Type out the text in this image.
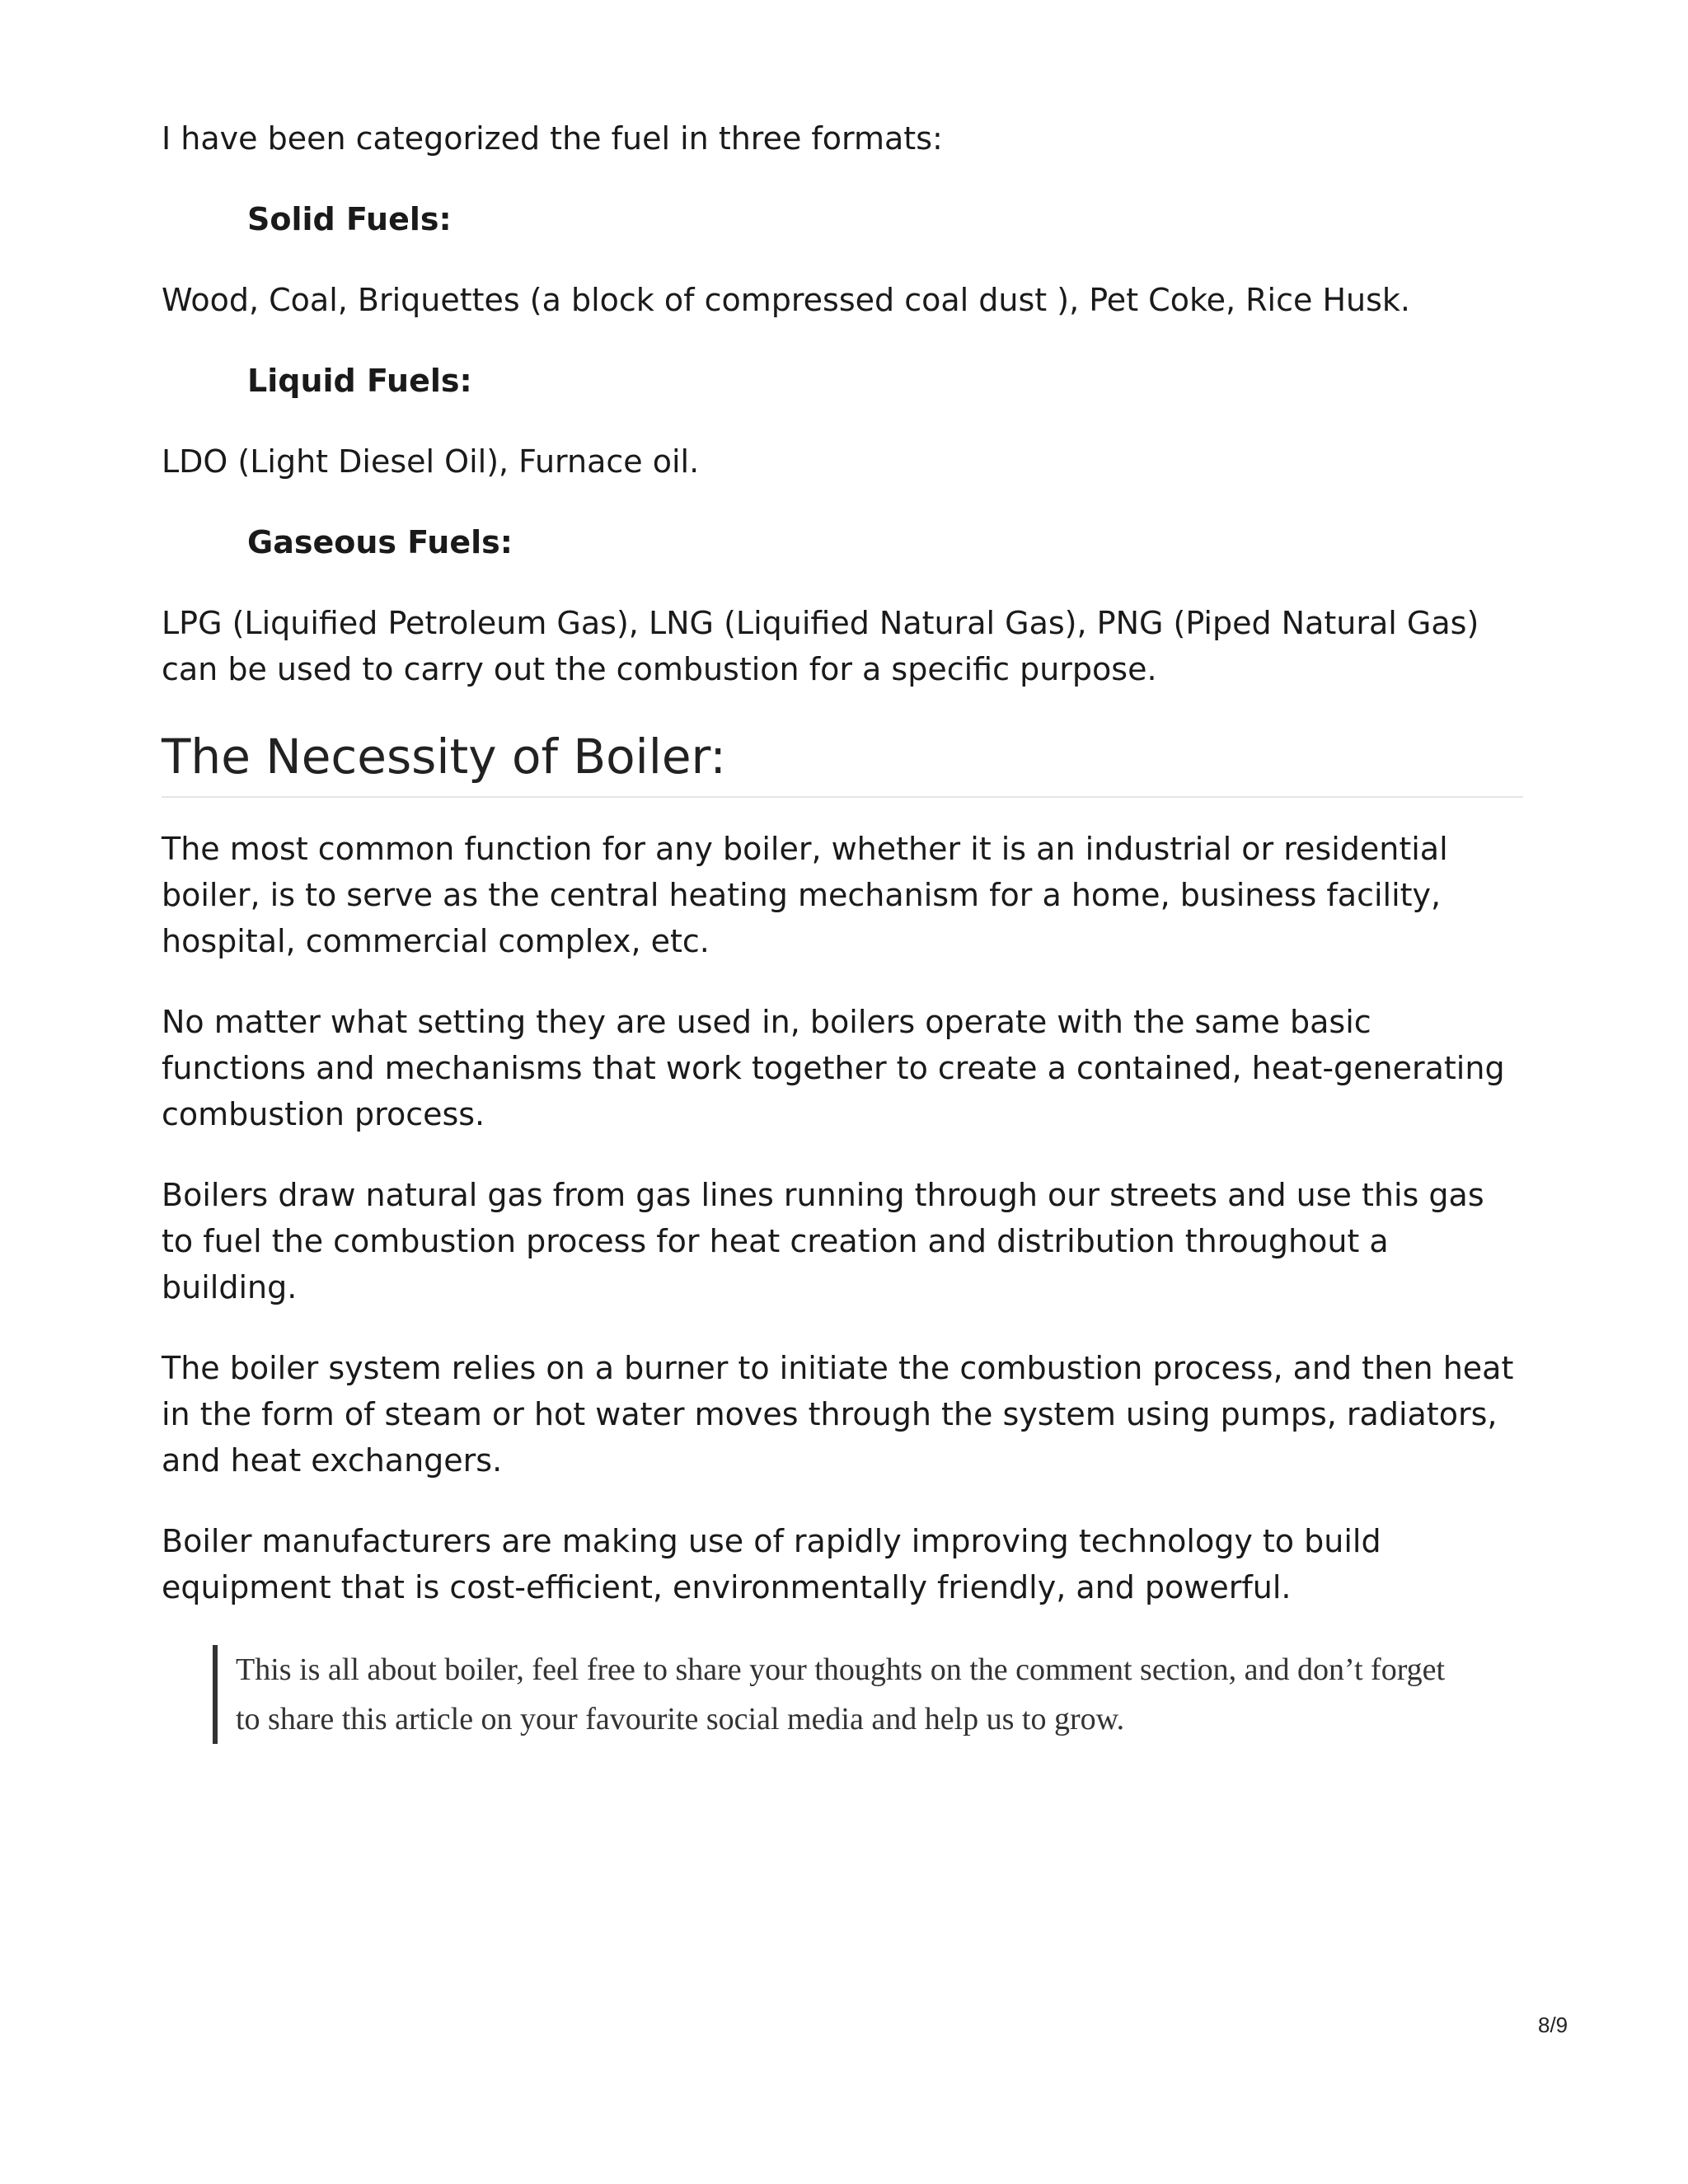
I have been categorized the fuel in three formats:

Solid Fuels:

Wood, Coal, Briquettes (a block of compressed coal dust ), Pet Coke, Rice Husk.

Liquid Fuels:

LDO (Light Diesel Oil), Furnace oil.

Gaseous Fuels:

LPG (Liquified Petroleum Gas), LNG (Liquified Natural Gas), PNG (Piped Natural Gas) can be used to carry out the combustion for a specific purpose.

The Necessity of Boiler:

The most common function for any boiler, whether it is an industrial or residential boiler, is to serve as the central heating mechanism for a home, business facility, hospital, commercial complex, etc.

No matter what setting they are used in, boilers operate with the same basic functions and mechanisms that work together to create a contained, heat-generating combustion process.

Boilers draw natural gas from gas lines running through our streets and use this gas to fuel the combustion process for heat creation and distribution throughout a building.

The boiler system relies on a burner to initiate the combustion process, and then heat in the form of steam or hot water moves through the system using pumps, radiators, and heat exchangers.

Boiler manufacturers are making use of rapidly improving technology to build equipment that is cost-efficient, environmentally friendly, and powerful.

This is all about boiler, feel free to share your thoughts on the comment section, and don’t forget to share this article on your favourite social media and help us to grow.
8/9
